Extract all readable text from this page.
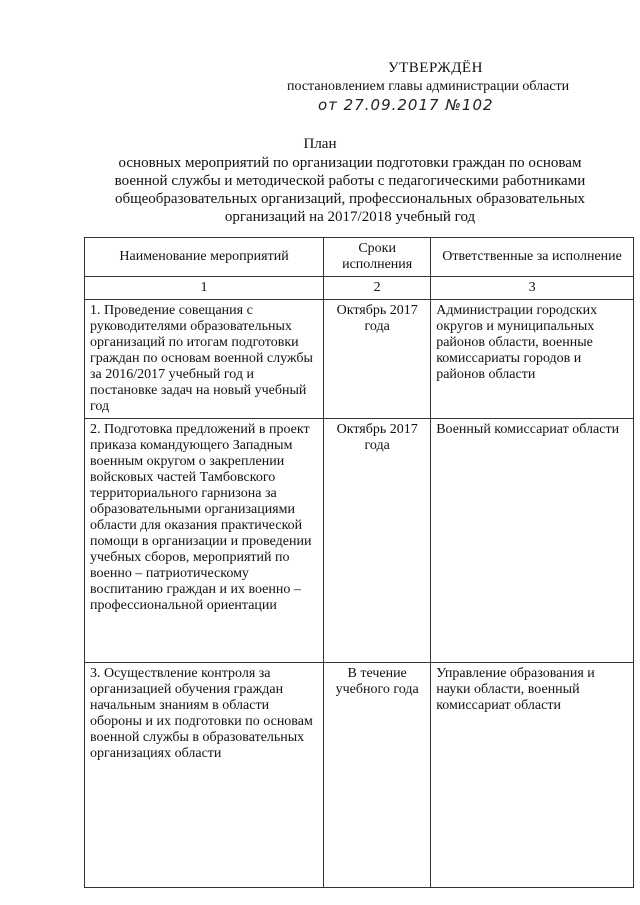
УТВЕРЖДЁН
постановлением главы администрации области
от 27.09.2017 №102
План
основных мероприятий по организации подготовки граждан по основам военной службы и методической работы с педагогическими работниками общеобразовательных организаций, профессиональных образовательных организаций на 2017/2018 учебный год
Наименование мероприятий	Сроки исполнения	Ответственные за исполнение
1	2	3
1. Проведение совещания с руководителями образовательных организаций по итогам подготовки граждан по основам военной службы за 2016/2017 учебный год и постановке задач на новый учебный год	Октябрь 2017 года	Администрации городских округов и муниципальных районов области, военные комиссариаты городов и районов области
2. Подготовка предложений в проект приказа командующего Западным военным округом о закреплении войсковых частей Тамбовского территориального гарнизона за образовательными организациями области для оказания практической помощи в организации и проведении учебных сборов, мероприятий по военно – патриотическому воспитанию граждан и их военно – профессиональной ориентации	Октябрь 2017 года	Военный комиссариат области
3. Осуществление контроля за организацией обучения граждан начальным знаниям в области обороны и их подготовки по основам военной службы в образовательных организациях области	В течение учебного года	Управление образования и науки области, военный комиссариат области
